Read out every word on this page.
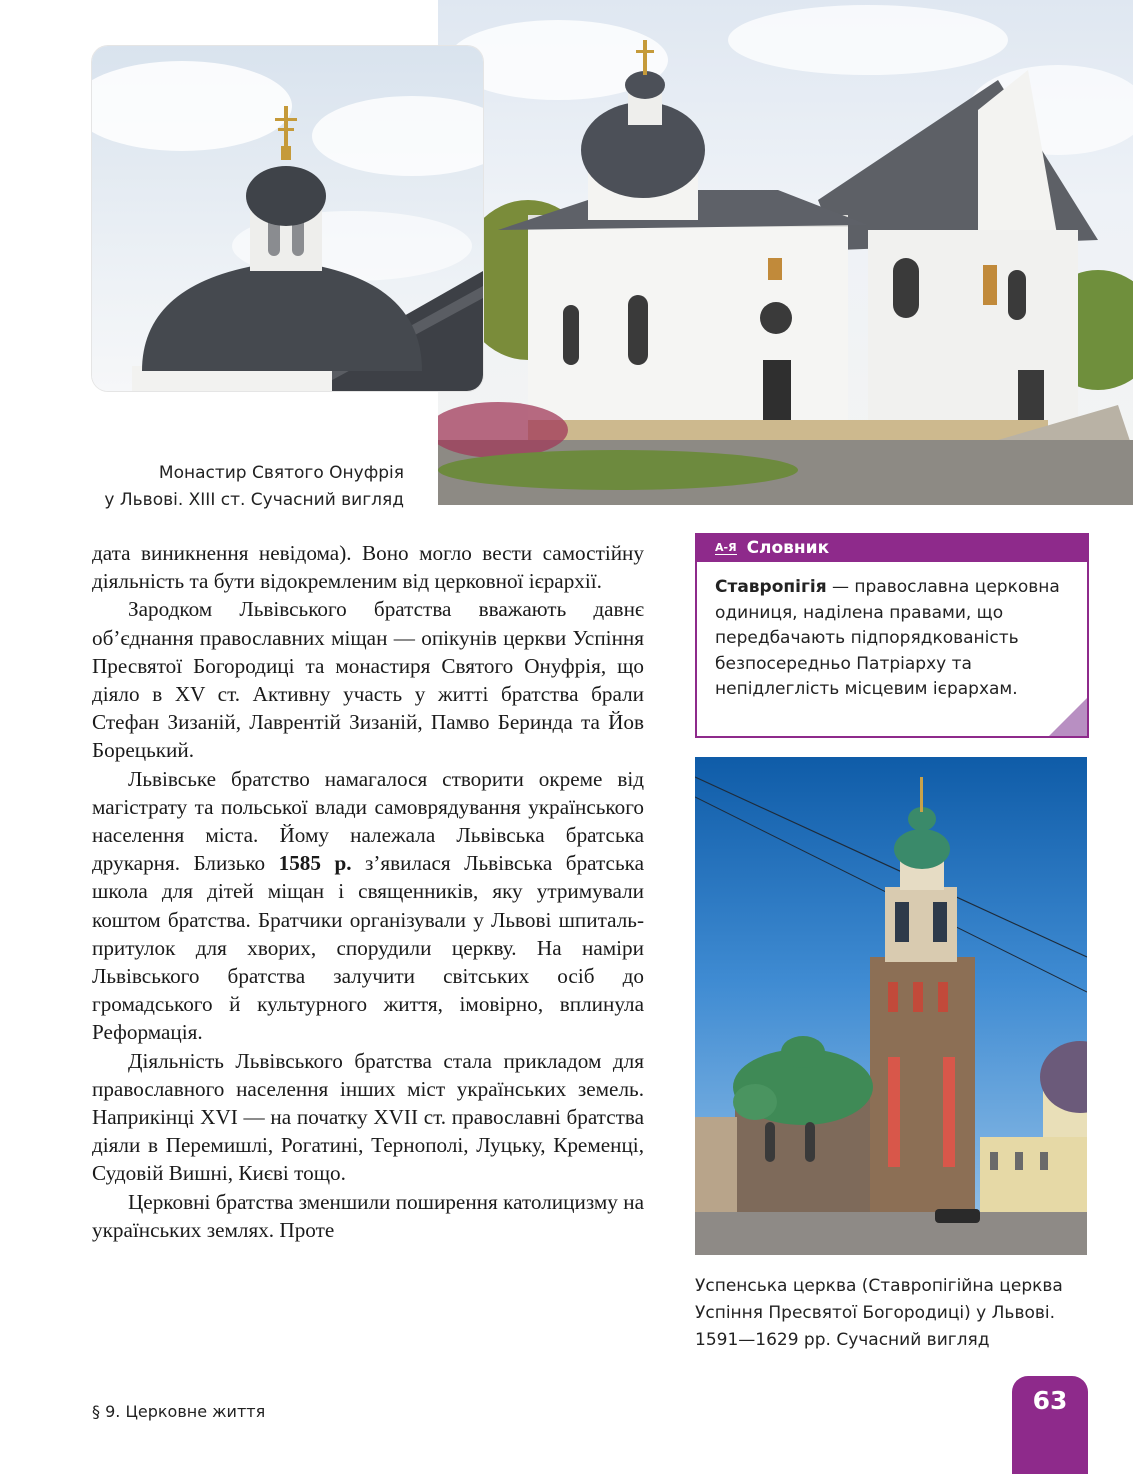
Монастир Святого Онуфрія
у Львові. XIII ст. Сучасний вигляд

дата виникнення невідома). Воно могло вести самостійну діяльність та бути відокремленим від церковної ієрархії.

Зародком Львівського братства вважають давнє об’єднання православних міщан — опікунів церкви Успіння Пресвятої Богородиці та монастиря Святого Онуфрія, що діяло в XV ст. Активну участь у житті братства брали Стефан Зизаній, Лаврентій Зизаній, Памво Беринда та Йов Борецький.

Львівське братство намагалося створити окреме від магістрату та польської влади самоврядування українського населення міста. Йому належала Львівська братська друкарня. Близько 1585 р. з’явилася Львівська братська школа для дітей міщан і священників, яку утримували коштом братства. Братчики організували у Львові шпиталь-притулок для хворих, спорудили церкву. На наміри Львівського братства залучити світських осіб до громадського й культурного життя, імовірно, вплинула Реформація.

Діяльність Львівського братства стала прикладом для православного населення інших міст українських земель. Наприкінці XVI — на початку XVII ст. православні братства діяли в Перемишлі, Рогатині, Тернополі, Луцьку, Кременці, Судовій Вишні, Києві тощо.

Церковні братства зменшили поширення католицизму на українських землях. Проте

А-Я Словник

Ставропігія — православна церковна одиниця, наділена правами, що передбачають підпорядкованість безпосередньо Патріарху та непідлеглість місцевим ієрархам.

Успенська церква (Ставропігійна церква
Успіння Пресвятої Богородиці) у Львові.
1591—1629 рр. Сучасний вигляд

§ 9. Церковне життя	63
